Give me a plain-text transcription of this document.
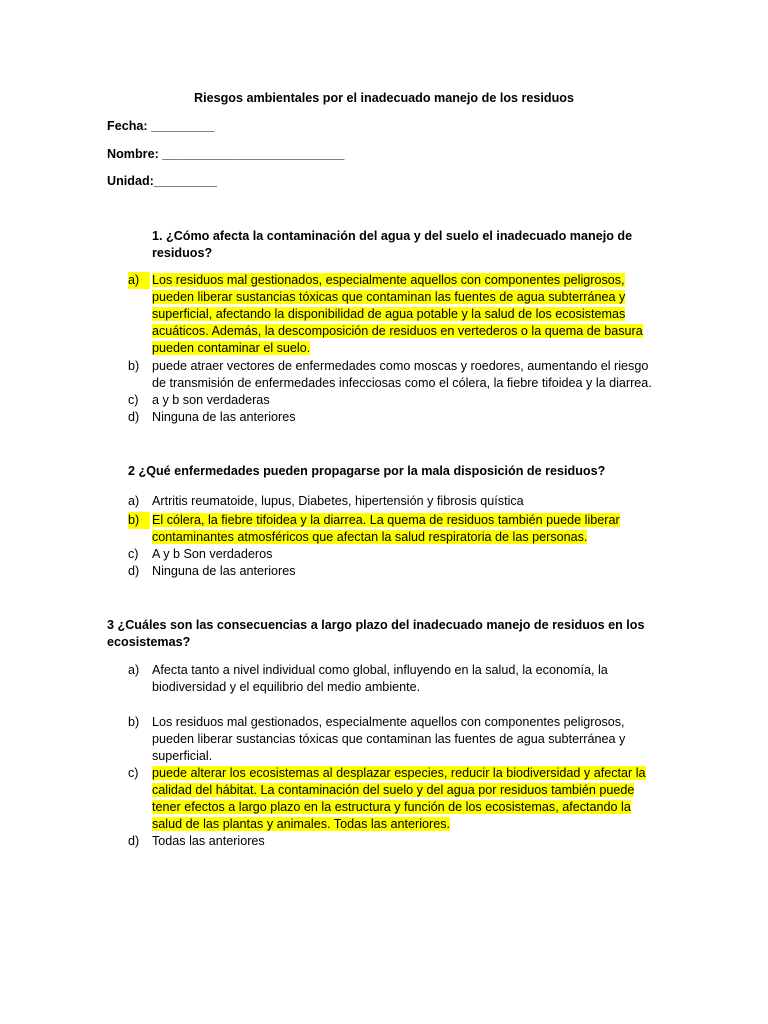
Riesgos ambientales por el inadecuado manejo de los residuos
Fecha: _________
Nombre: __________________________
Unidad:_________
1. ¿Cómo afecta la contaminación del agua y del suelo el inadecuado manejo de residuos?
a)	Los residuos mal gestionados, especialmente aquellos con componentes peligrosos, pueden liberar sustancias tóxicas que contaminan las fuentes de agua subterránea y superficial, afectando la disponibilidad de agua potable y la salud de los ecosistemas acuáticos. Además, la descomposición de residuos en vertederos o la quema de basura pueden contaminar el suelo.
b)	puede atraer vectores de enfermedades como moscas y roedores, aumentando el riesgo de transmisión de enfermedades infecciosas como el cólera, la fiebre tifoidea y la diarrea.
c)	a y b son verdaderas
d)	Ninguna de las anteriores
2 ¿Qué enfermedades pueden propagarse por la mala disposición de residuos?
a)	Artritis reumatoide, lupus, Diabetes, hipertensión y fibrosis quística
b)	El cólera, la fiebre tifoidea y la diarrea. La quema de residuos también puede liberar contaminantes atmosféricos que afectan la salud respiratoria de las personas.
c)	A y b Son verdaderos
d)	Ninguna de las anteriores
3 ¿Cuáles son las consecuencias a largo plazo del inadecuado manejo de residuos en los ecosistemas?
a)	Afecta tanto a nivel individual como global, influyendo en la salud, la economía, la biodiversidad y el equilibrio del medio ambiente.
b)	Los residuos mal gestionados, especialmente aquellos con componentes peligrosos, pueden liberar sustancias tóxicas que contaminan las fuentes de agua subterránea y superficial.
c)	puede alterar los ecosistemas al desplazar especies, reducir la biodiversidad y afectar la calidad del hábitat. La contaminación del suelo y del agua por residuos también puede tener efectos a largo plazo en la estructura y función de los ecosistemas, afectando la salud de las plantas y animales. Todas las anteriores.
d)	Todas las anteriores
